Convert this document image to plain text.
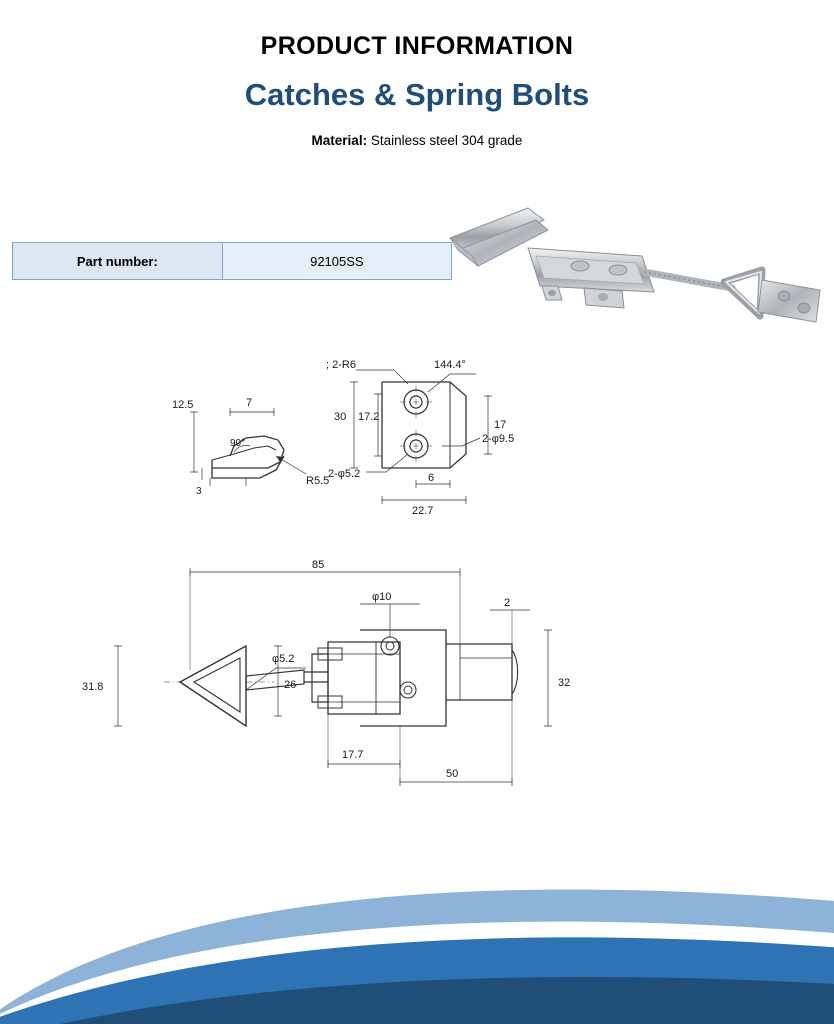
PRODUCT INFORMATION
Catches & Spring Bolts
Material: Stainless steel 304 grade
Part number:	92105SS
12.5	7
90°
3
R5.5
; 2-R6	144.4°
30 17.2
17
2-φ5.2
2-φ9.5
6
22.7
85
φ10	2
φ5.2
31.8	26	32
17.7
50
